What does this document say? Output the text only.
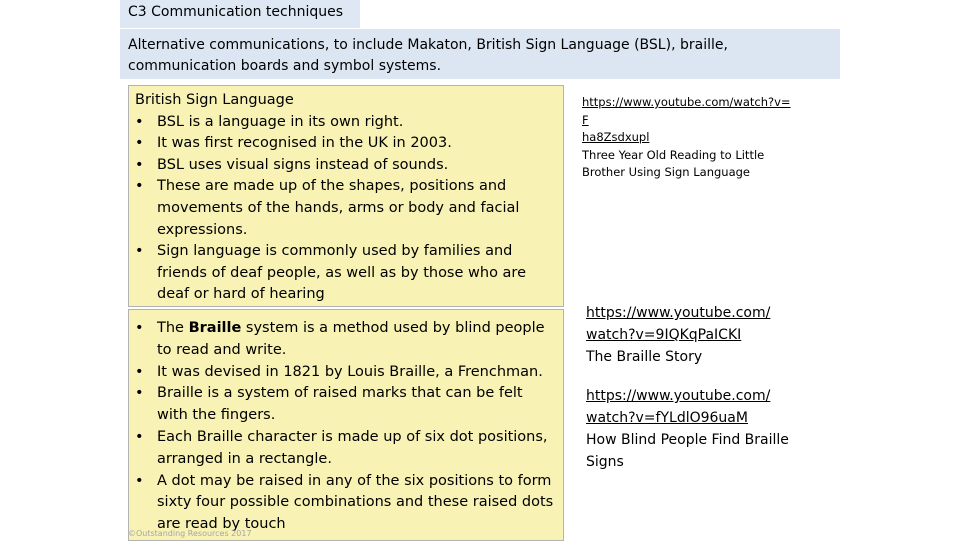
C3 Communication techniques
Alternative communications, to include Makaton, British Sign Language (BSL), braille, communication boards and symbol systems.
British Sign Language
• BSL is a language in its own right.
• It was first recognised in the UK in 2003.
• BSL uses visual signs instead of sounds.
• These are made up of the shapes, positions and movements of the hands, arms or body and facial expressions.
• Sign language is commonly used by families and friends of deaf people, as well as by those who are deaf or hard of hearing
• The Braille system is a method used by blind people to read and write.
• It was devised in 1821 by Louis Braille, a Frenchman.
• Braille is a system of raised marks that can be felt with the fingers.
• Each Braille character is made up of six dot positions, arranged in a rectangle.
• A dot may be raised in any of the six positions to form sixty four possible combinations and these raised dots are read by touch
©Outstanding Resources 2017
https://www.youtube.com/watch?v=F
ha8Zsdxupl
Three Year Old Reading to Little Brother Using Sign Language
https://www.youtube.com/
watch?v=9IQKqPaICKI
The Braille Story
https://www.youtube.com/
watch?v=fYLdlO96uaM
How Blind People Find Braille Signs
